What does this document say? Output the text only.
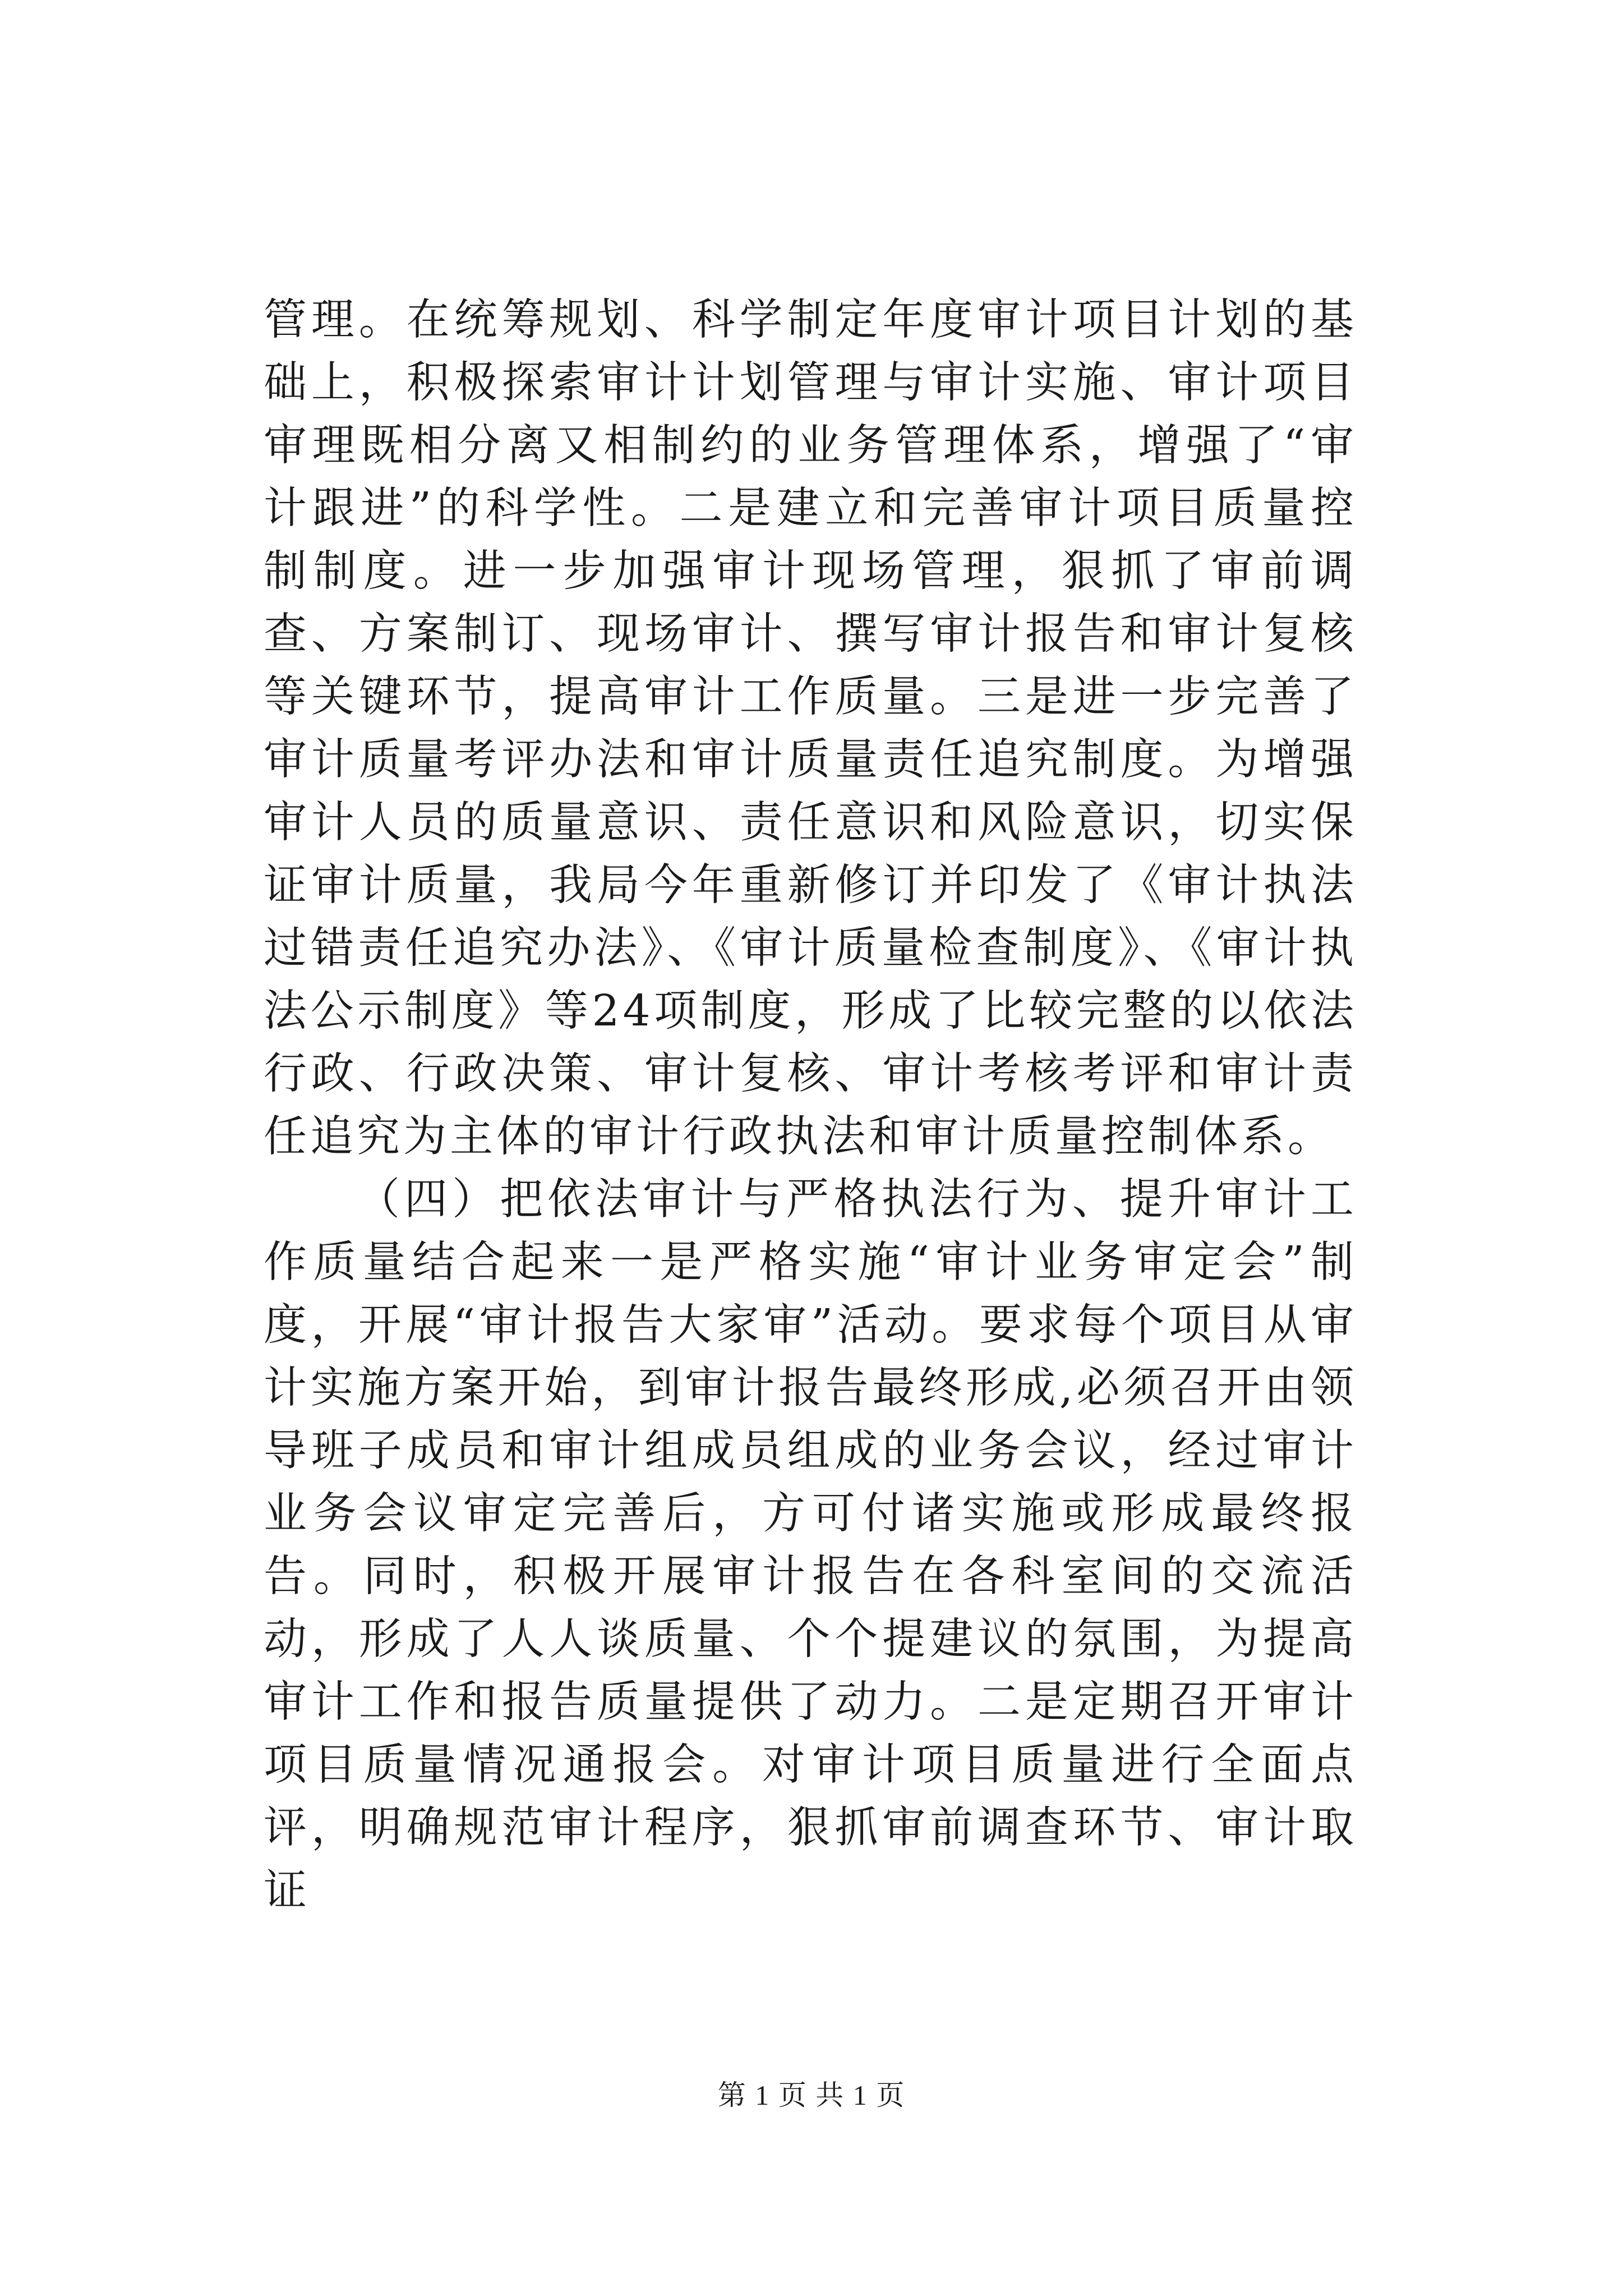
管理。在统筹规划、科学制定年度审计项目计划的基础上，积极探索审计计划管理与审计实施、审计项目审理既相分离又相制约的业务管理体系，增强了“审计跟进”的科学性。二是建立和完善审计项目质量控制制度。进一步加强审计现场管理，狠抓了审前调查、方案制订、现场审计、撰写审计报告和审计复核等关键环节，提高审计工作质量。三是进一步完善了审计质量考评办法和审计质量责任追究制度。为增强审计人员的质量意识、责任意识和风险意识，切实保证审计质量，我局今年重新修订并印发了《审计执法过错责任追究办法》、《审计质量检查制度》、《审计执法公示制度》等24项制度，形成了比较完整的以依法行政、行政决策、审计复核、审计考核考评和审计责任追究为主体的审计行政执法和审计质量控制体系。

（四）把依法审计与严格执法行为、提升审计工作质量结合起来一是严格实施“审计业务审定会”制度，开展“审计报告大家审”活动。要求每个项目从审计实施方案开始，到审计报告最终形成,必须召开由领导班子成员和审计组成员组成的业务会议，经过审计业务会议审定完善后，方可付诸实施或形成最终报告。同时，积极开展审计报告在各科室间的交流活动，形成了人人谈质量、个个提建议的氛围，为提高审计工作和报告质量提供了动力。二是定期召开审计项目质量情况通报会。对审计项目质量进行全面点评，明确规范审计程序，狠抓审前调查环节、审计取证

第 1 页 共 1 页
